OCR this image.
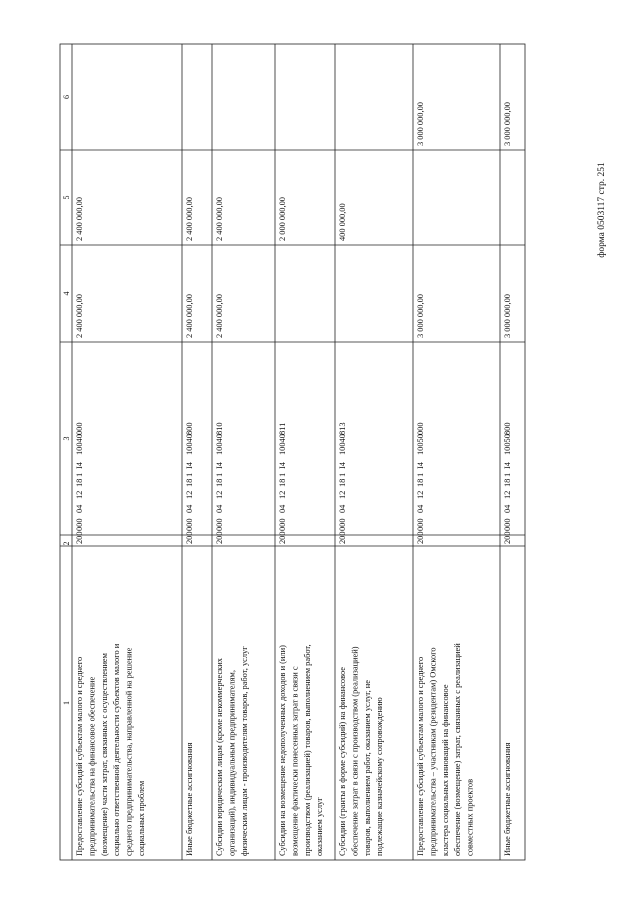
форма 0503117 стр. 251
1
2
3
4
5
6
Предоставление субсидий субъектам малого и среднего предпринимательства на финансовое обеспечение (возмещение) части затрат, связанных с осуществлением социально ответственной деятельности субъектов малого и среднего предпринимательства, направленной на решение социальных проблем
200
000
04
12
18
1
I4
10040
000
2 400 000,00
2 400 000,00
Иные бюджетные ассигнования
200
000
04
12
18
1
I4
10040
800
2 400 000,00
2 400 000,00
Субсидии юридическим лицам (кроме некоммерческих организаций), индивидуальным предпринимателям, физическим лицам - производителям товаров, работ, услуг
200
000
04
12
18
1
I4
10040
810
2 400 000,00
2 400 000,00
Субсидии на возмещение недополученных доходов и (или) возмещение фактически понесенных затрат в связи с производством (реализацией) товаров, выполнением работ, оказанием услуг
200
000
04
12
18
1
I4
10040
811
2 000 000,00
Субсидии (гранты в форме субсидий) на финансовое обеспечение затрат в связи с производством (реализацией) товаров, выполнением работ, оказанием услуг, не подлежащие казначейскому сопровождению
200
000
04
12
18
1
I4
10040
813
400 000,00
Предоставление субсидий субъектам малого и среднего предпринимательства – участникам (резидентам) Омского кластера социальных инноваций на финансовое обеспечение (возмещение) затрат, связанных с реализацией совместных проектов
200
000
04
12
18
1
I4
10050
000
3 000 000,00
3 000 000,00
Иные бюджетные ассигнования
200
000
04
12
18
1
I4
10050
800
3 000 000,00
3 000 000,00
